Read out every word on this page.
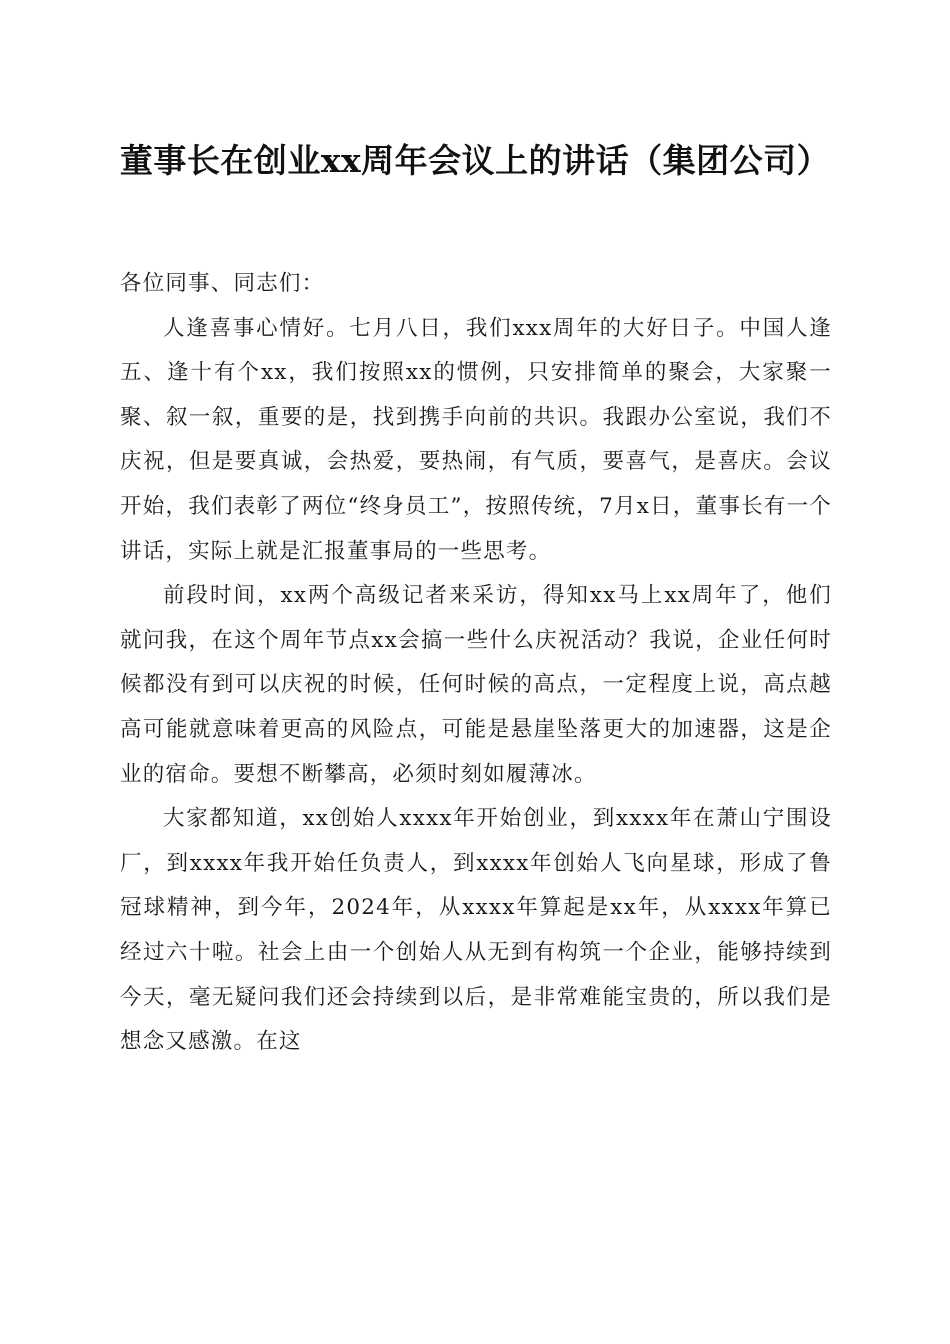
董事长在创业xx周年会议上的讲话（集团公司）

各位同事、同志们：

人逢喜事心情好。七月八日，我们xxx周年的大好日子。中国人逢五、逢十有个xx，我们按照xx的惯例，只安排简单的聚会，大家聚一聚、叙一叙，重要的是，找到携手向前的共识。我跟办公室说，我们不庆祝，但是要真诚，会热爱，要热闹，有气质，要喜气，是喜庆。会议开始，我们表彰了两位“终身员工”，按照传统，7月x日，董事长有一个讲话，实际上就是汇报董事局的一些思考。

前段时间，xx两个高级记者来采访，得知xx马上xx周年了，他们就问我，在这个周年节点xx会搞一些什么庆祝活动？我说，企业任何时候都没有到可以庆祝的时候，任何时候的高点，一定程度上说，高点越高可能就意味着更高的风险点，可能是悬崖坠落更大的加速器，这是企业的宿命。要想不断攀高，必须时刻如履薄冰。

大家都知道，xx创始人xxxx年开始创业，到xxxx年在萧山宁围设厂，到xxxx年我开始任负责人，到xxxx年创始人飞向星球，形成了鲁冠球精神，到今年，2024年，从xxxx年算起是xx年，从xxxx年算已经过六十啦。社会上由一个创始人从无到有构筑一个企业，能够持续到今天，毫无疑问我们还会持续到以后，是非常难能宝贵的，所以我们是想念又感激。在这
